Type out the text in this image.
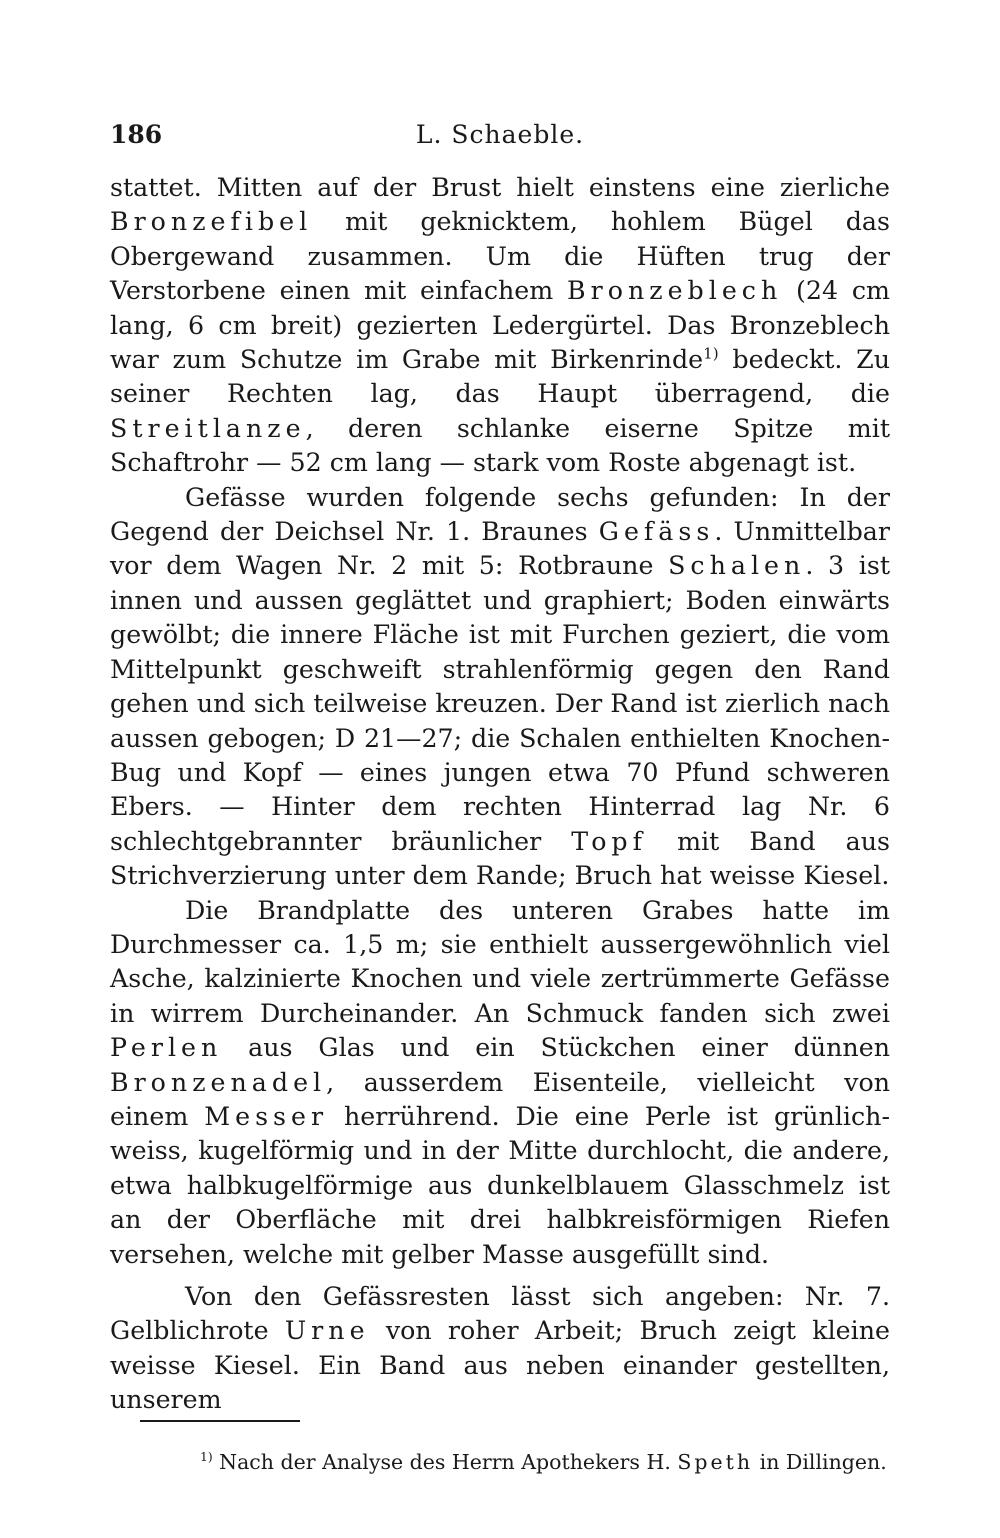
186	L. Schaeble.

stattet. Mitten auf der Brust hielt einstens eine zierliche Bronzefibel mit geknicktem, hohlem Bügel das Obergewand zusammen. Um die Hüften trug der Verstorbene einen mit einfachem Bronzeblech (24 cm lang, 6 cm breit) gezierten Ledergürtel. Das Bronzeblech war zum Schutze im Grabe mit Birkenrinde$^{1)}$ bedeckt. Zu seiner Rechten lag, das Haupt überragend, die Streitlanze, deren schlanke eiserne Spitze mit Schaftrohr — 52 cm lang — stark vom Roste abgenagt ist.

Gefässe wurden folgende sechs gefunden: In der Gegend der Deichsel Nr. 1. Braunes Gefäss. Unmittelbar vor dem Wagen Nr. 2 mit 5: Rotbraune Schalen. 3 ist innen und aussen geglättet und graphiert; Boden einwärts gewölbt; die innere Fläche ist mit Furchen geziert, die vom Mittelpunkt geschweift strahlenförmig gegen den Rand gehen und sich teilweise kreuzen. Der Rand ist zierlich nach aussen gebogen; D 21—27; die Schalen enthielten Knochen-Bug und Kopf — eines jungen etwa 70 Pfund schweren Ebers. — Hinter dem rechten Hinterrad lag Nr. 6 schlechtgebrannter bräunlicher Topf mit Band aus Strichverzierung unter dem Rande; Bruch hat weisse Kiesel.

Die Brandplatte des unteren Grabes hatte im Durchmesser ca. 1,5 m; sie enthielt aussergewöhnlich viel Asche, kalzinierte Knochen und viele zertrümmerte Gefässe in wirrem Durcheinander. An Schmuck fanden sich zwei Perlen aus Glas und ein Stückchen einer dünnen Bronzenadel, ausserdem Eisenteile, vielleicht von einem Messer herrührend. Die eine Perle ist grünlich-weiss, kugelförmig und in der Mitte durchlocht, die andere, etwa halbkugelförmige aus dunkelblauem Glasschmelz ist an der Oberfläche mit drei halbkreisförmigen Riefen versehen, welche mit gelber Masse ausgefüllt sind.

Von den Gefässresten lässt sich angeben: Nr. 7. Gelblichrote Urne von roher Arbeit; Bruch zeigt kleine weisse Kiesel. Ein Band aus neben einander gestellten, unserem

$^{1)}$ Nach der Analyse des Herrn Apothekers H. Speth in Dillingen.
